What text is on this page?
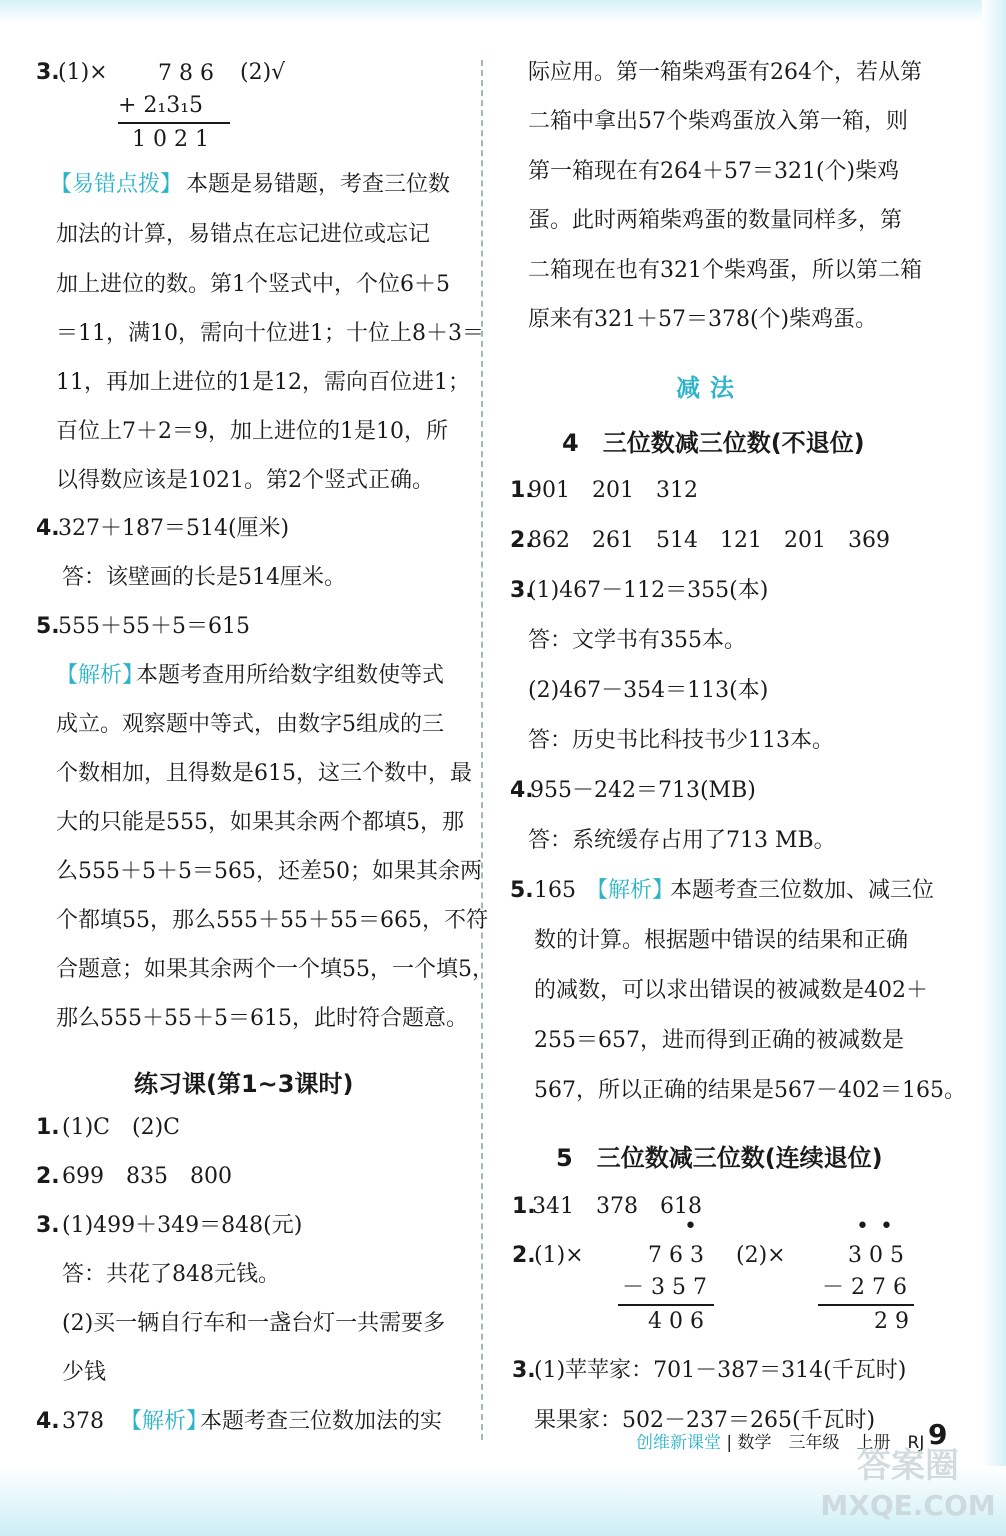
3.
(1)×	7 8 6
+ 2₁3₁5
1 0 2 1
(2)√
【易错点拨】 本题是易错题，考查三位数
加法的计算，易错点在忘记进位或忘记
加上进位的数。第1个竖式中，个位6＋5
＝11，满10，需向十位进1；十位上8＋3＝
11，再加上进位的1是12，需向百位进1；
百位上7＋2＝9，加上进位的1是10，所
以得数应该是1021。第2个竖式正确。
4.
327＋187＝514(厘米)
答：该壁画的长是514厘米。
5.
555＋55＋5＝615
【解析】
本题考查用所给数字组数使等式
成立。观察题中等式，由数字5组成的三
个数相加，且得数是615，这三个数中，最
大的只能是555，如果其余两个都填5，那
么555＋5＋5＝565，还差50；如果其余两
个都填55，那么555＋55＋55＝665，不符
合题意；如果其余两个一个填55，一个填5，
那么555＋55＋5＝615，此时符合题意。
练习课(第1~3课时)
1. (1)C　(2)C
2. 699　835　800
3. (1)499＋349＝848(元)
答：共花了848元钱。
(2)买一辆自行车和一盏台灯一共需要多
少钱
4. 378 【解析】
本题考查三位数加法的实
际应用。第一箱柴鸡蛋有264个，若从第
二箱中拿出57个柴鸡蛋放入第一箱，则
第一箱现在有264＋57＝321(个)柴鸡
蛋。此时两箱柴鸡蛋的数量同样多，第
二箱现在也有321个柴鸡蛋，所以第二箱
原来有321＋57＝378(个)柴鸡蛋。
减法
4　三位数减三位数(不退位)
1.
901　201　312
2.
862　261　514　121　201　369
3.
(1)467－112＝355(本)
答：文学书有355本。
(2)467－354＝113(本)
答：历史书比科技书少113本。
4.
955－242＝713(MB)
答：系统缓存占用了713 MB。
5. 165 【解析】
本题考查三位数加、减三位
数的计算。根据题中错误的结果和正确
的减数，可以求出错误的被减数是402＋
255＝657，进而得到正确的被减数是
567，所以正确的结果是567－402＝165。
5　三位数减三位数(连续退位)
1.
341　378　618
2.
(1)×
•
7 6 3
－ 3 5 7
4 0 6
(2)×
• •
3 0 5
－ 2 7 6
2 9
3.
(1)苹苹家：701－387＝314(千瓦时)
果果家：502－237＝265(千瓦时)
创维新课堂 | 数学　三年级　上册　RJ 9
答案圈
MXQE.COM
